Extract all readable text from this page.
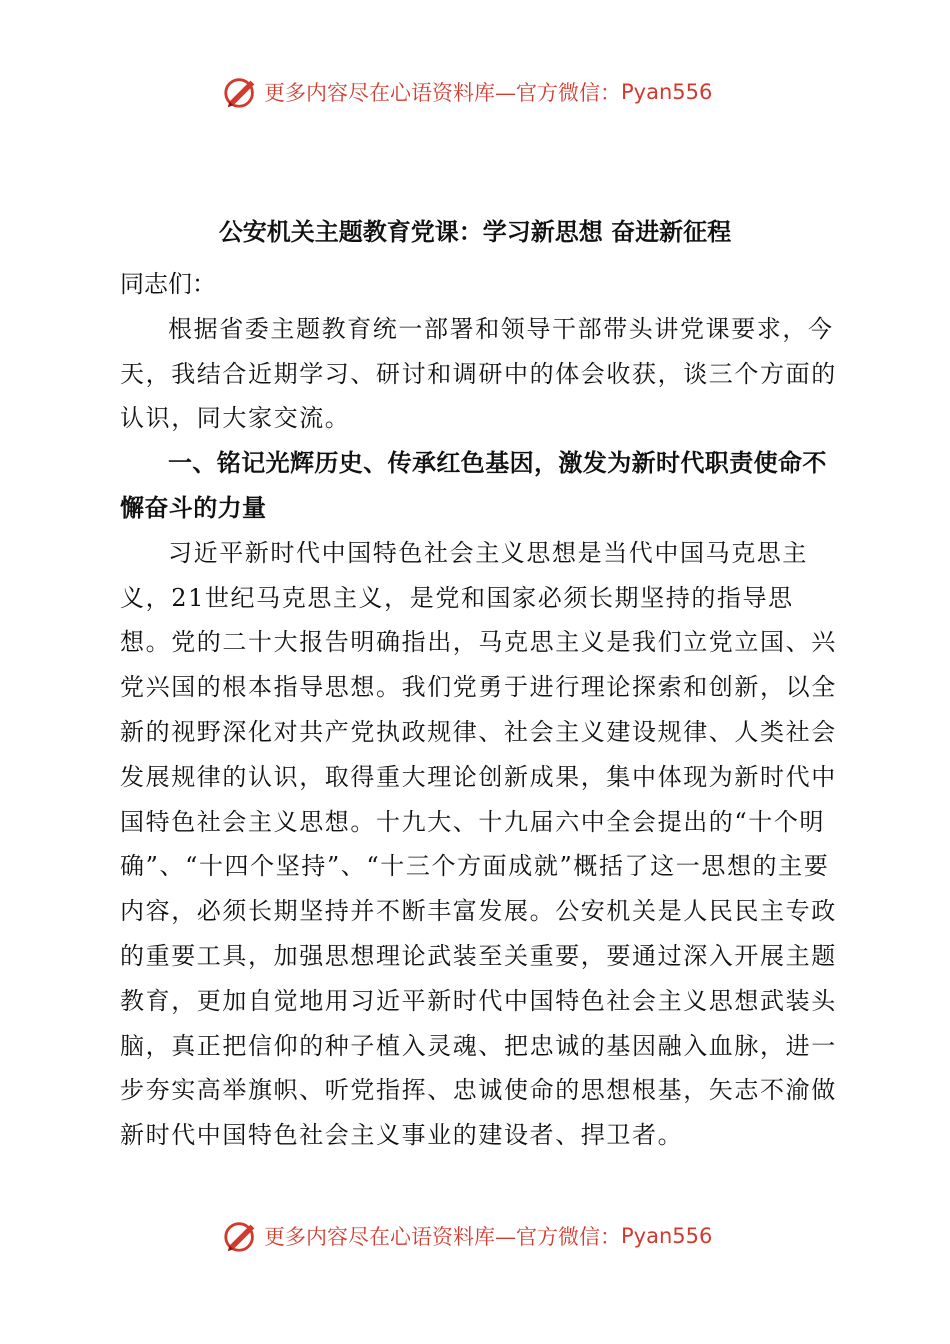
更多内容尽在心语资料库—官方微信： Pyan556
公安机关主题教育党课：学习新思想 奋进新征程

同志们：

根据省委主题教育统一部署和领导干部带头讲党课要求，今天，我结合近期学习、研讨和调研中的体会收获，谈三个方面的认识，同大家交流。

一、铭记光辉历史、传承红色基因，激发为新时代职责使命不懈奋斗的力量

习近平新时代中国特色社会主义思想是当代中国马克思主义，21世纪马克思主义，是党和国家必须长期坚持的指导思想。党的二十大报告明确指出，马克思主义是我们立党立国、兴党兴国的根本指导思想。我们党勇于进行理论探索和创新，以全新的视野深化对共产党执政规律、社会主义建设规律、人类社会发展规律的认识，取得重大理论创新成果，集中体现为新时代中国特色社会主义思想。十九大、十九届六中全会提出的“十个明确”、“十四个坚持”、“十三个方面成就”概括了这一思想的主要内容，必须长期坚持并不断丰富发展。公安机关是人民民主专政的重要工具，加强思想理论武装至关重要，要通过深入开展主题教育，更加自觉地用习近平新时代中国特色社会主义思想武装头脑，真正把信仰的种子植入灵魂、把忠诚的基因融入血脉，进一步夯实高举旗帜、听党指挥、忠诚使命的思想根基，矢志不渝做新时代中国特色社会主义事业的建设者、捍卫者。

更多内容尽在心语资料库—官方微信： Pyan556
